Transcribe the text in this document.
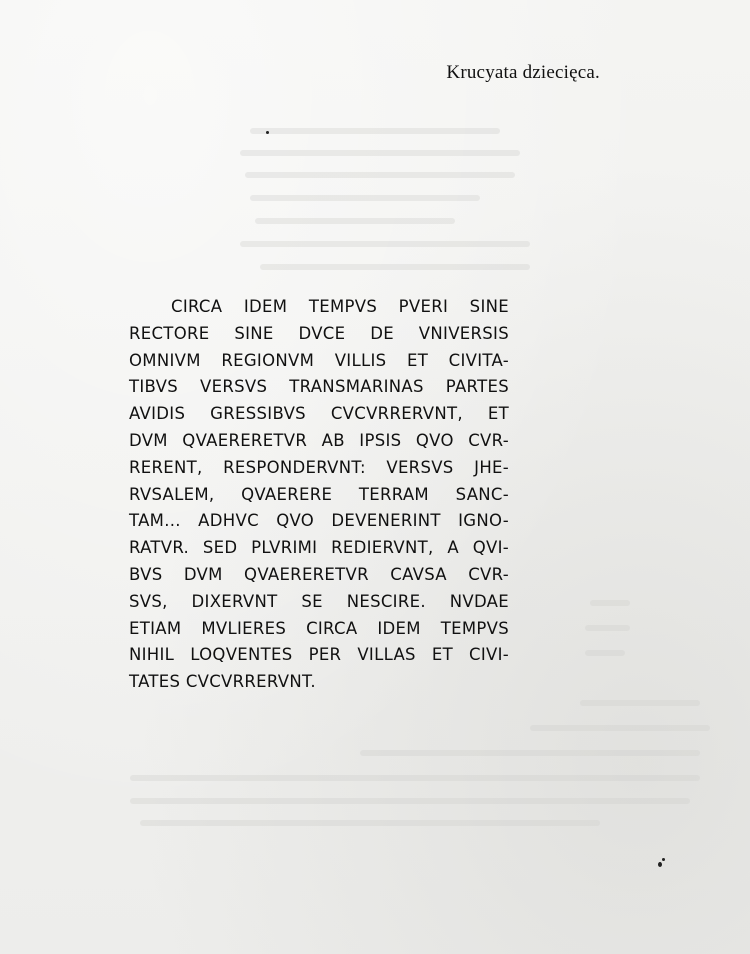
Krucyata dziecięca.
CIRCA IDEM TEMPVS PVERI SINE
RECTORE SINE DVCE DE VNIVERSIS
OMNIVM REGIONVM VILLIS ET CIVITA-
TIBVS VERSVS TRANSMARINAS PARTES
AVIDIS GRESSIBVS CVCVRRERVNT, ET
DVM QVAERERETVR AB IPSIS QVO CVR-
RERENT, RESPONDERVNT: VERSVS JHE-
RVSALEM, QVAERERE TERRAM SANC-
TAM... ADHVC QVO DEVENERINT IGNO-
RATVR. SED PLVRIMI REDIERVNT, A QVI-
BVS DVM QVAERERETVR CAVSA CVR-
SVS, DIXERVNT SE NESCIRE. NVDAE
ETIAM MVLIERES CIRCA IDEM TEMPVS
NIHIL LOQVENTES PER VILLAS ET CIVI-
TATES CVCVRRERVNT.
